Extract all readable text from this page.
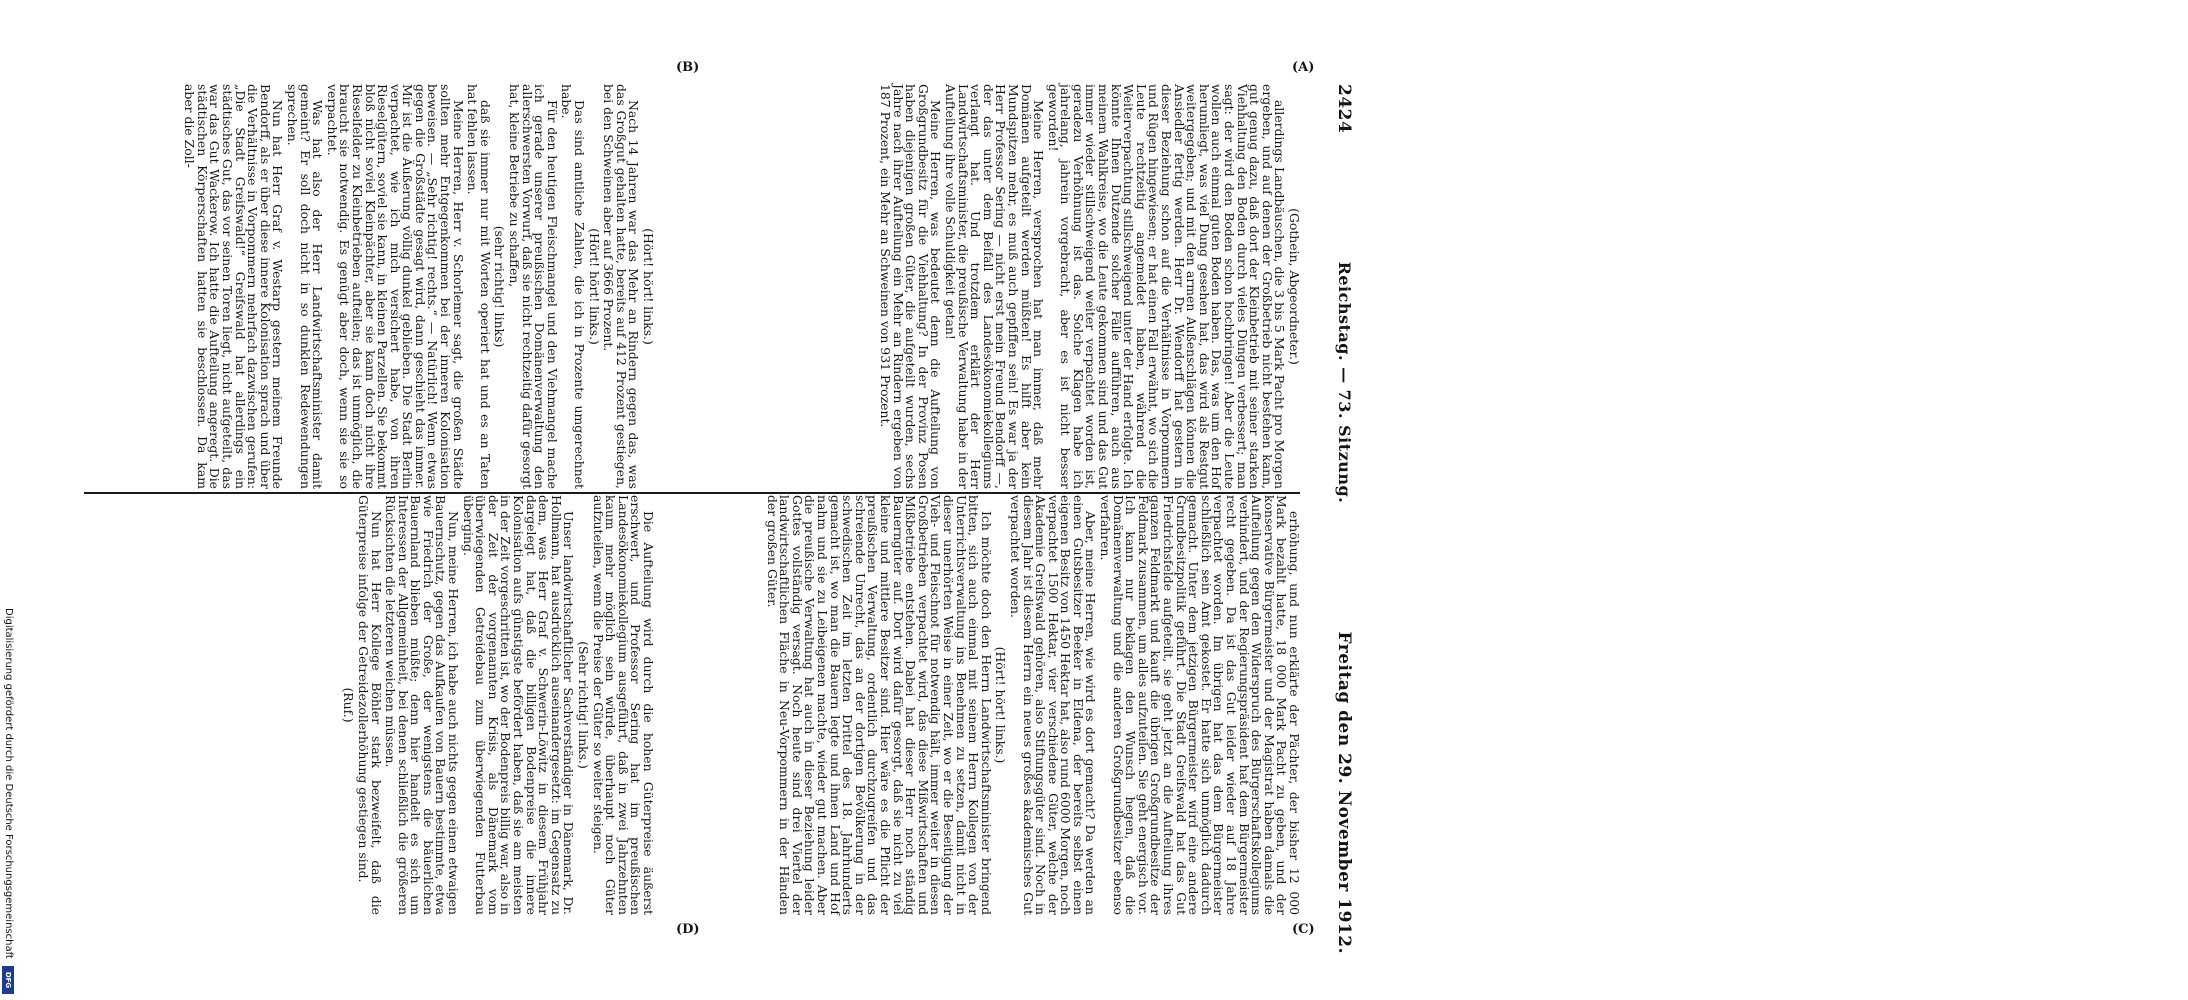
2424
Reichstag. — 73. Sitzung.
Freitag den 29. November 1912.
(A)
(B)
(C)
(D)

(Gothein, Abgeordneter.)

allerdings Landbäuschen, die 3 bis 5 Mark Pacht pro Morgen ergeben, und auf denen der Großbetrieb nicht bestehen kann, gut genug dazu, daß dort der Kleinbetrieb mit seiner starken Viehhaltung den Boden durch vieles Düngen verbessert; man sagt: der wird den Boden schon hochbringen! Aber die Leute wollen auch einmal guten Boden haben. Das, was um den Hof herumliegt, was viel Dung gesehen hat, das wird als Restgut weitergegeben; und mit den armen Außenschlägen können die Ansiedler fertig werden. Herr Dr. Wendorff hat gestern in dieser Beziehung schon auf die Verhältnisse in Vorpommern und Rügen hingewiesen; er hat einen Fall erwähnt, wo sich die Leute rechtzeitig angemeldet haben, während die Weiterverpachtung stillschweigend unter der Hand erfolgte. Ich könnte Ihnen Dutzende solcher Fälle aufführen, auch aus meinem Wahlkreise, wo die Leute gekommen sind und das Gut immer wieder stillschweigend weiter verpachtet worden ist, geradezu Verhöhnung ist das. Solche Klagen habe ich jahrelang, jahrein vorgebracht, aber es ist nicht besser geworden!

Meine Herren, versprochen hat man immer, daß mehr Domänen aufgeteilt werden müßten! Es hilft aber kein Mundspitzen mehr, es muß auch gepfiffen sein! Es war ja der Herr Professor Sering — nicht erst mein Freund Bendorff —, der das unter dem Beifall des Landesökonomiekollegiums verlangt hat. Und trotzdem erklärt der Herr Landwirtschaftsminister, die preußische Verwaltung habe in der Aufteilung ihre volle Schuldigkeit getan!

Meine Herren, was bedeutet denn die Aufteilung von Großgrundbesitz für die Viehhaltung? In der Provinz Posen haben diejenigen großen Güter, die aufgeteilt wurden, sechs Jahre nach ihrer Aufteilung ein Mehr an Rindern ergeben von 187 Prozent, ein Mehr an Schweinen von 931 Prozent.

(Hört! hört! links.)

Nach 14 Jahren war das Mehr an Rindern gegen das, was das Großgut gehalten hatte, bereits auf 412 Prozent gestiegen, bei den Schweinen aber auf 3666 Prozent.

(Hört! hört! links.)

Das sind amtliche Zahlen, die ich in Prozente umgerechnet habe.

Für den heutigen Fleischmangel und den Viehmangel mache ich gerade unserer preußischen Domänenverwaltung den allerschwersten Vorwurf, daß sie nicht rechtzeitig dafür gesorgt hat, kleine Betriebe zu schaffen,

(sehr richtig! links)

daß sie immer nur mit Worten operiert hat und es an Taten hat fehlen lassen.

Meine Herren, Herr v. Schorlemer sagt, die großen Städte sollten mehr Entgegenkommen bei der inneren Kolonisation beweisen. — „Sehr richtig! rechts.“ — Natürlich! Wenn etwas gegen die Großstädte gesagt wird, dann geschieht das immer. Mir ist die Äußerung völlig dunkel geblieben. Die Stadt Berlin verpachtet, wie ich mich versichert habe, von ihren Rieselgütern, soviel sie kann, in kleinen Parzellen. Sie bekommt bloß nicht soviel Kleinpächter, aber sie kann doch nicht ihre Rieselfelder zu Kleinbetrieben aufteilen; das ist unmöglich, die braucht sie notwendig. Es genügt aber doch, wenn sie sie so verpachtet.

Was hat also der Herr Landwirtschaftsminister damit gemeint? Er soll doch nicht in so dunklen Redewendungen sprechen.

Nun hat Herr Graf v. Westarp gestern meinem Freunde Bendorff, als er über diese innere Kolonisation sprach und über die Verhältnisse in Vorpommern mehrfach dazwischen gerufen: „Die Stadt Greifswald!“ Greifswald hat allerdings ein städtisches Gut, das vor seinen Toren liegt, nicht aufgeteilt, das war das Gut Wackerow. Ich hatte die Aufteilung angeregt. Die städtischen Körperschaften hatten sie beschlossen. Da kam aber die Zoll-

erhöhung, und nun erklärte der Pächter, der bisher 12 000 Mark bezahlt hatte, 18 000 Mark Pacht zu geben, und der konservative Bürgermeister und der Magistrat haben damals die Aufteilung gegen den Widerspruch des Bürgerschaftskollegiums verhindert, und der Regierungspräsident hat dem Bürgermeister recht gegeben. Da ist das Gut leider wieder auf 18 Jahre verpachtet worden. Im übrigen hat das dem Bürgermeister schließlich sein Amt gekostet. Er hatte sich unmöglich dadurch gemacht. Unter dem jetzigen Bürgermeister wird eine andere Grundbesitzpolitik geführt. Die Stadt Greifswald hat das Gut Friedrichsfelde aufgeteilt, sie geht jetzt an die Aufteilung ihres ganzen Feldmarkt und kauft die übrigen Großgrundbesitze der Feldmark zusammen, um alles aufzuteilen. Sie geht energisch vor. Ich kann nur beklagen den Wunsch hegen, daß die Domänenverwaltung und die anderen Großgrundbesitzer ebenso verfahren.

Aber, meine Herren, wie wird es dort gemacht? Da werden an einen Gutsbesitzer Beeker in Eldena, der bereits selbst einen eigenen Besitz von 1450 Hektar hat, also rund 6000 Morgen, noch verpachtet 1500 Hektar, vier verschiedene Güter, welche der Akademie Greifswald gehören, also Stiftungsgüter sind. Noch in diesem Jahr ist diesem Herrn ein neues großes akademisches Gut verpachtet worden.

(Hört! hört! links.)

Ich möchte doch den Herrn Landwirtschaftsminister bringend bitten, sich auch einmal mit seinem Herrn Kollegen von der Unterrichtsverwaltung ins Benehmen zu setzen, damit nicht in dieser unerhörten Weise in einer Zeit, wo er die Beseitigung der Vieh- und Fleischnot für notwendig hält, immer weiter in diesen Großbetrieben verpachtet wird, das diese Mißwirtschaften und Mißbetriebe entstehen. Dabei hat dieser Herr noch ständig Bauerngüter auf. Dort wird dafür gesorgt, daß sie nicht zu viel kleine und mittlere Besitzer sind. Hier wäre es die Pflicht der preußischen Verwaltung, ordentlich durchzugreifen und das schreiende Unrecht, das an der dortigen Bevölkerung in der schwedischen Zeit im letzten Drittel des 18. Jahrhunderts gemacht ist, wo man die Bauern legte und ihnen Land und Hof nahm und sie zu Leibeigenen machte, wieder gut machen. Aber die preußische Verwaltung hat auch in dieser Beziehung leider Gottes vollständig versagt. Noch heute sind drei Viertel der landwirtschaftlichen Fläche in Neu-Vorpommern in der Händen der großen Güter.

Die Aufteilung wird durch die hohen Güterpreise äußerst erschwert, und Professor Sering hat im preußischen Landesökonomiekollegium ausgeführt, daß in zwei Jahrzehnten kaum mehr möglich sein würde, überhaupt noch Güter aufzuteilen, wenn die Preise der Güter so weiter steigen.

(Sehr richtig! links.)

Unser landwirtschaftlicher Sachverständiger in Dänemark, Dr. Hollmann, hat ausdrücklich auseinandergesetzt: im Gegensatz zu dem, was Herr Graf v. Schwerin-Löwitz in diesem Frühjahr dargelegt hat, daß die billigen Bodenpreise die innere Kolonisation aufs günstigste befördert haben, daß sie am meisten in der Zeit vorgeschritten ist, wo der Bodenpreis billig war, also in der Zeit der vorgenannten Krisis, als Dänemark vom überwiegenden Getreidebau zum überwiegenden Futterbau überging.

Nun, meine Herren, ich habe auch nichts gegen einen etwaigen Bauernschutz, gegen das Aufkaufen von Bauern bestimmte, etwa wie Friedrich der Große, der wenigstens die bäuerlichen Bauernland blieben müßte; denn hier handelt es sich um Interessen der Allgemeinheit, bei denen schließlich die größeren Rücksichten die letzteren weichen müssen.

Nun hat Herr Kollege Böhler stark bezweifelt, daß die Güterpreise infolge der Getreidezollerhöhung gestiegen sind.

(Ruf.)

Digitalisierung gefördert durch die Deutsche Forschungsgemeinschaft
DFG
